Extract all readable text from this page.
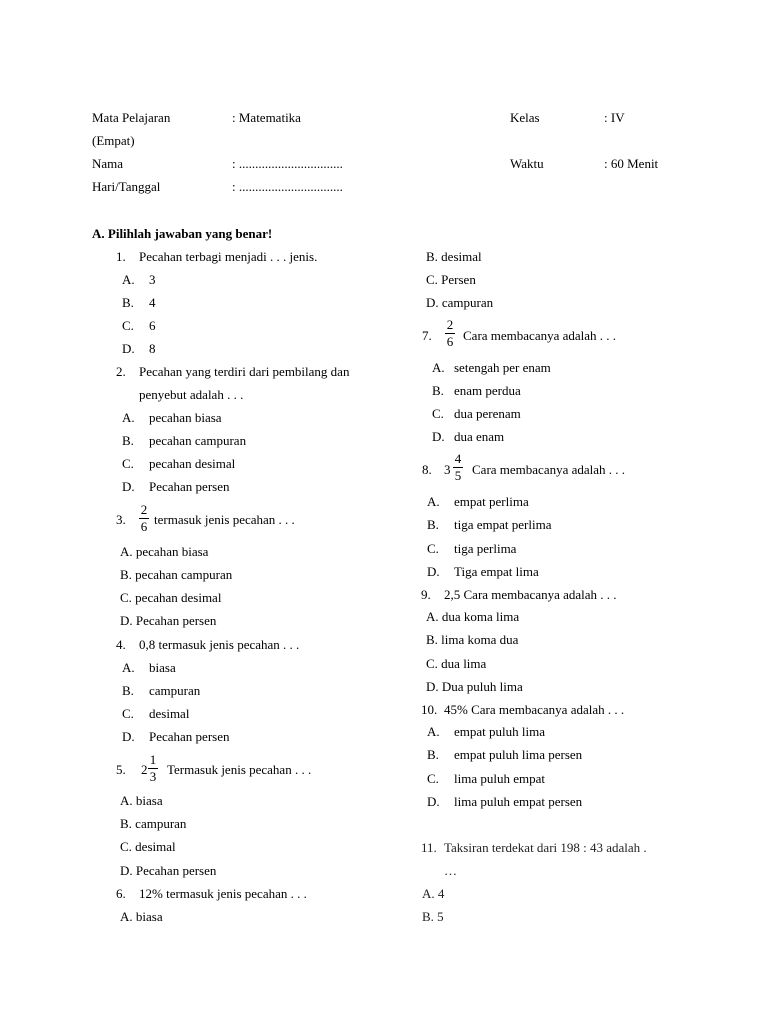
Mata Pelajaran	: Matematika	Kelas	: IV
(Empat)
Nama	: ................................	Waktu	: 60 Menit
Hari/Tanggal	: ................................
A. Pilihlah jawaban yang benar!
1. Pecahan terbagi menjadi . . . jenis.
A. 3
B. 4
C. 6
D. 8
2. Pecahan yang terdiri dari pembilang dan
penyebut adalah . . .
A. pecahan biasa
B. pecahan campuran
C. pecahan desimal
D. Pecahan persen
3.
2
6 termasuk jenis pecahan . . .
A. pecahan biasa
B. pecahan campuran
C. pecahan desimal
D. Pecahan persen
4. 0,8 termasuk jenis pecahan . . .
A. biasa
B. campuran
C. desimal
D. Pecahan persen
5. 2
1
3 Termasuk jenis pecahan . . .
A. biasa
B. campuran
C. desimal
D. Pecahan persen
6. 12% termasuk jenis pecahan . . .
A. biasa
B. desimal
C. Persen
D. campuran
7.
2
6 Cara membacanya adalah . . .
A. setengah per enam
B. enam perdua
C. dua perenam
D. dua enam
8. 3
4
5 Cara membacanya adalah . . .
A. empat perlima
B. tiga empat perlima
C. tiga perlima
D. Tiga empat lima
9. 2,5 Cara membacanya adalah . . .
A. dua koma lima
B. lima koma dua
C. dua lima
D. Dua puluh lima
10. 45% Cara membacanya adalah . . .
A. empat puluh lima
B. empat puluh lima persen
C. lima puluh empat
D. lima puluh empat persen
11. Taksiran terdekat dari 198 : 43 adalah .
…
A. 4
B. 5
